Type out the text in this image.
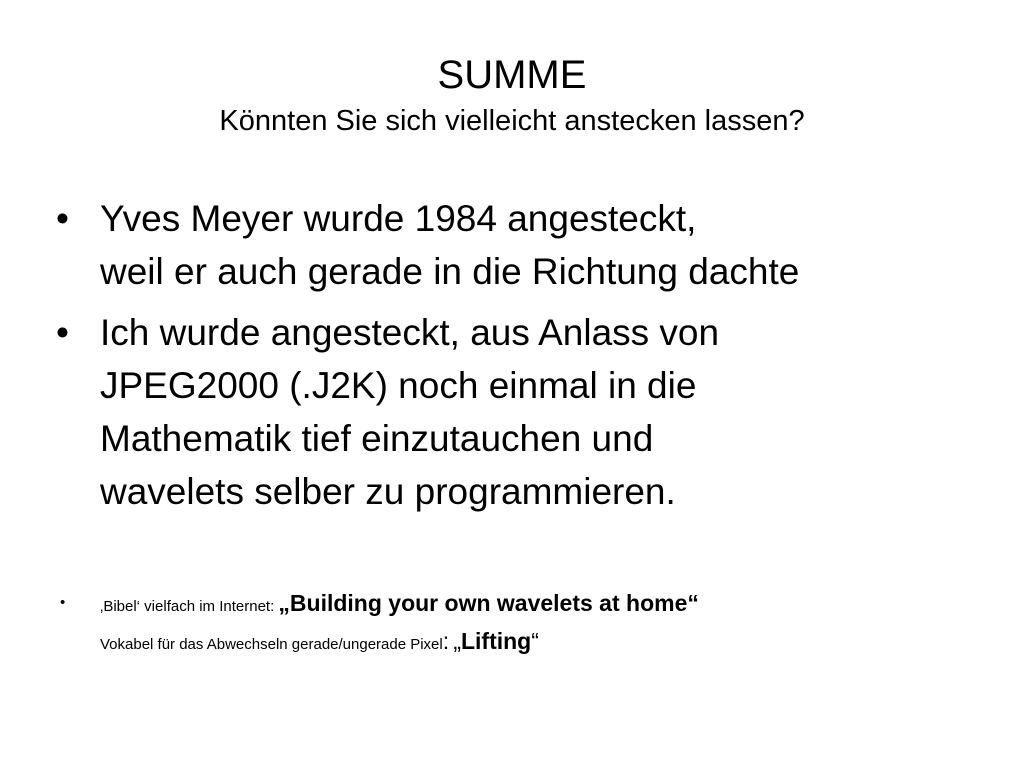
SUMME
Könnten Sie sich vielleicht anstecken lassen?
• Yves Meyer wurde 1984 angesteckt,
weil er auch gerade in die Richtung dachte
• Ich wurde angesteckt, aus Anlass von
JPEG2000 (.J2K) noch einmal in die
Mathematik tief einzutauchen und
wavelets selber zu programmieren.
• ‚Bibel‘ vielfach im Internet: „Building your own wavelets at home“
Vokabel für das Abwechseln gerade/ungerade Pixel: „Lifting“
